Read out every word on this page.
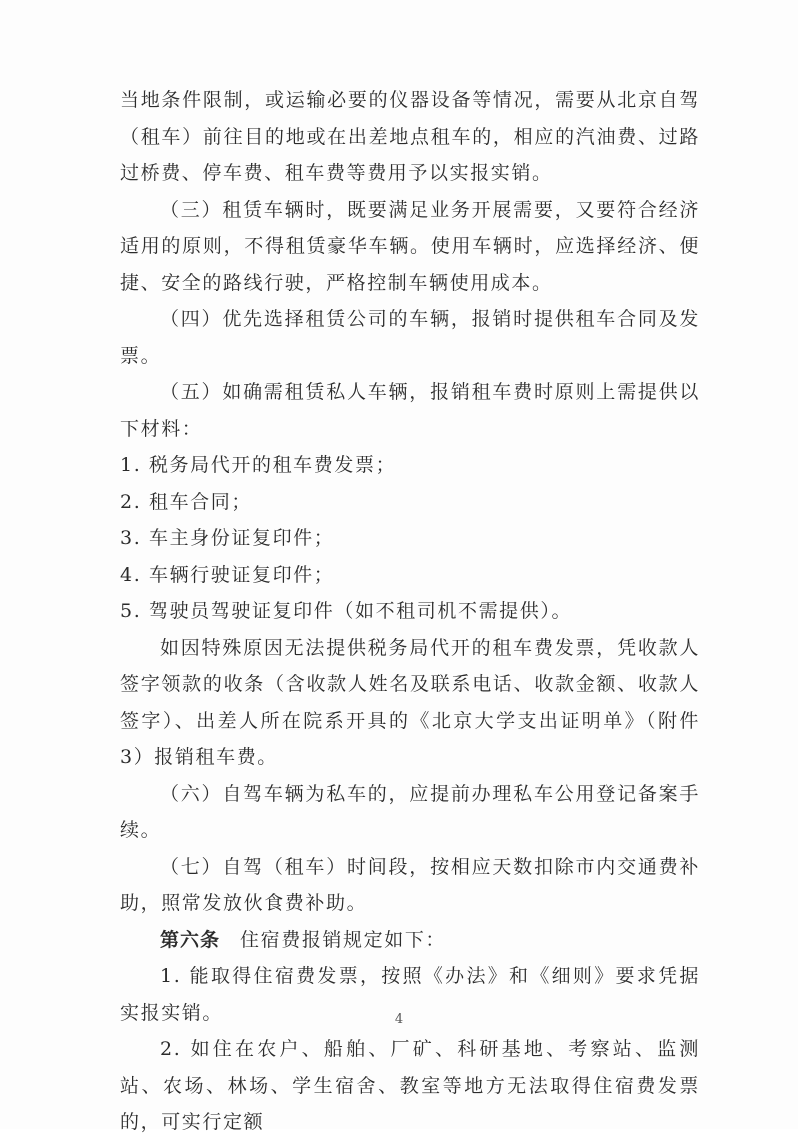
当地条件限制，或运输必要的仪器设备等情况，需要从北京自驾（租车）前往目的地或在出差地点租车的，相应的汽油费、过路过桥费、停车费、租车费等费用予以实报实销。

（三）租赁车辆时，既要满足业务开展需要，又要符合经济适用的原则，不得租赁豪华车辆。使用车辆时，应选择经济、便捷、安全的路线行驶，严格控制车辆使用成本。

（四）优先选择租赁公司的车辆，报销时提供租车合同及发票。

（五）如确需租赁私人车辆，报销租车费时原则上需提供以下材料：

1. 税务局代开的租车费发票；

2. 租车合同；

3. 车主身份证复印件；

4. 车辆行驶证复印件；

5. 驾驶员驾驶证复印件（如不租司机不需提供）。

如因特殊原因无法提供税务局代开的租车费发票，凭收款人签字领款的收条（含收款人姓名及联系电话、收款金额、收款人签字）、出差人所在院系开具的《北京大学支出证明单》（附件 3）报销租车费。

（六）自驾车辆为私车的，应提前办理私车公用登记备案手续。

（七）自驾（租车）时间段，按相应天数扣除市内交通费补助，照常发放伙食费补助。

第六条 住宿费报销规定如下：

1. 能取得住宿费发票，按照《办法》和《细则》要求凭据实报实销。

2. 如住在农户、船舶、厂矿、科研基地、考察站、监测站、农场、林场、学生宿舍、教室等地方无法取得住宿费发票的，可实行定额

4
